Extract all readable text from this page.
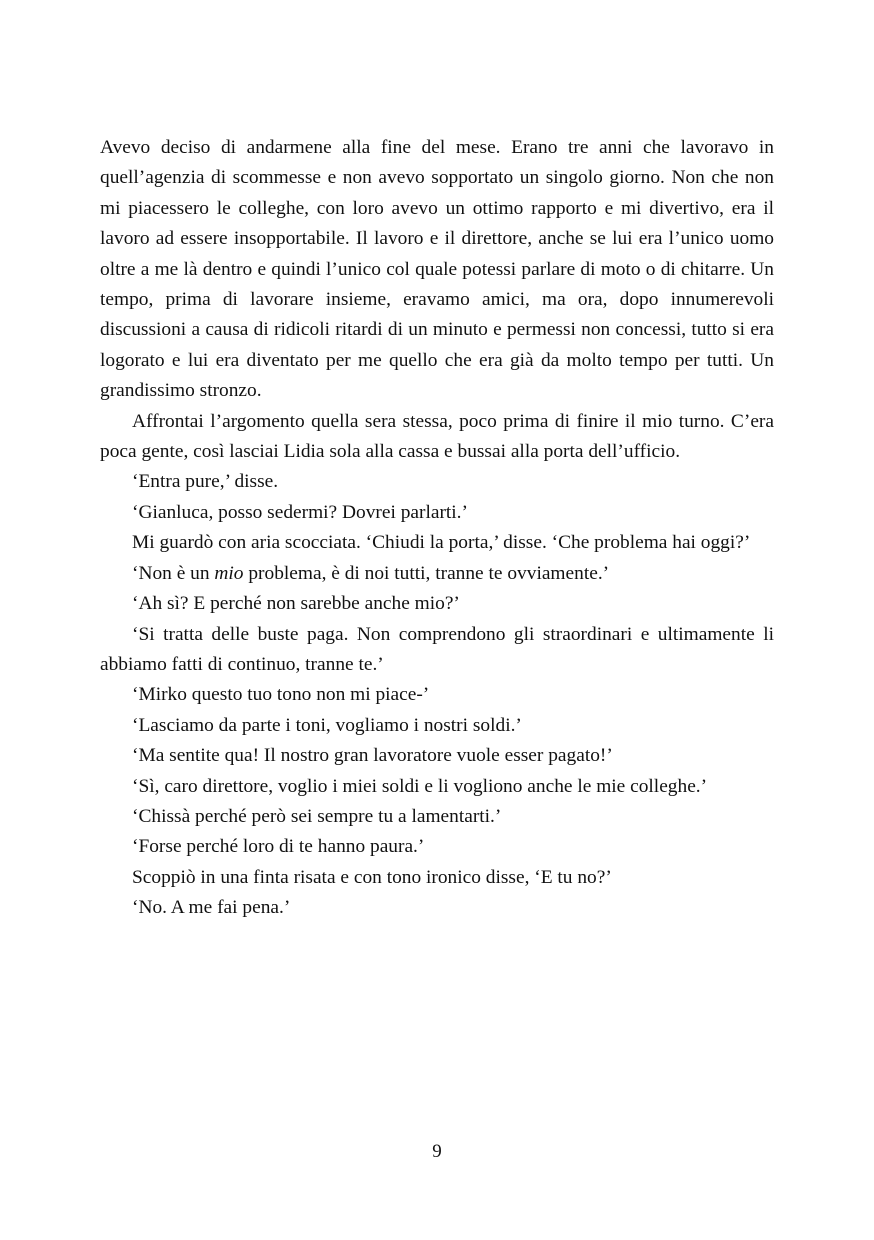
Avevo deciso di andarmene alla fine del mese. Erano tre anni che lavoravo in quell’agenzia di scommesse e non avevo sopportato un singolo giorno. Non che non mi piacessero le colleghe, con loro avevo un ottimo rapporto e mi divertivo, era il lavoro ad essere insopportabile. Il lavoro e il direttore, anche se lui era l’unico uomo oltre a me là dentro e quindi l’unico col quale potessi parlare di moto o di chitarre. Un tempo, prima di lavorare insieme, eravamo amici, ma ora, dopo innumerevoli discussioni a causa di ridicoli ritardi di un minuto e permessi non concessi, tutto si era logorato e lui era diventato per me quello che era già da molto tempo per tutti. Un grandissimo stronzo.

Affrontai l’argomento quella sera stessa, poco prima di finire il mio turno. C’era poca gente, così lasciai Lidia sola alla cassa e bussai alla porta dell’ufficio.

‘Entra pure,’ disse.

‘Gianluca, posso sedermi? Dovrei parlarti.’

Mi guardò con aria scocciata. ‘Chiudi la porta,’ disse. ‘Che problema hai oggi?’

‘Non è un mio problema, è di noi tutti, tranne te ovviamente.’

‘Ah sì? E perché non sarebbe anche mio?’

‘Si tratta delle buste paga. Non comprendono gli straordinari e ultimamente li abbiamo fatti di continuo, tranne te.’

‘Mirko questo tuo tono non mi piace-’

‘Lasciamo da parte i toni, vogliamo i nostri soldi.’

‘Ma sentite qua! Il nostro gran lavoratore vuole esser pagato!’

‘Sì, caro direttore, voglio i miei soldi e li vogliono anche le mie colleghe.’

‘Chissà perché però sei sempre tu a lamentarti.’

‘Forse perché loro di te hanno paura.’

Scoppiò in una finta risata e con tono ironico disse, ‘E tu no?’

‘No. A me fai pena.’

9
